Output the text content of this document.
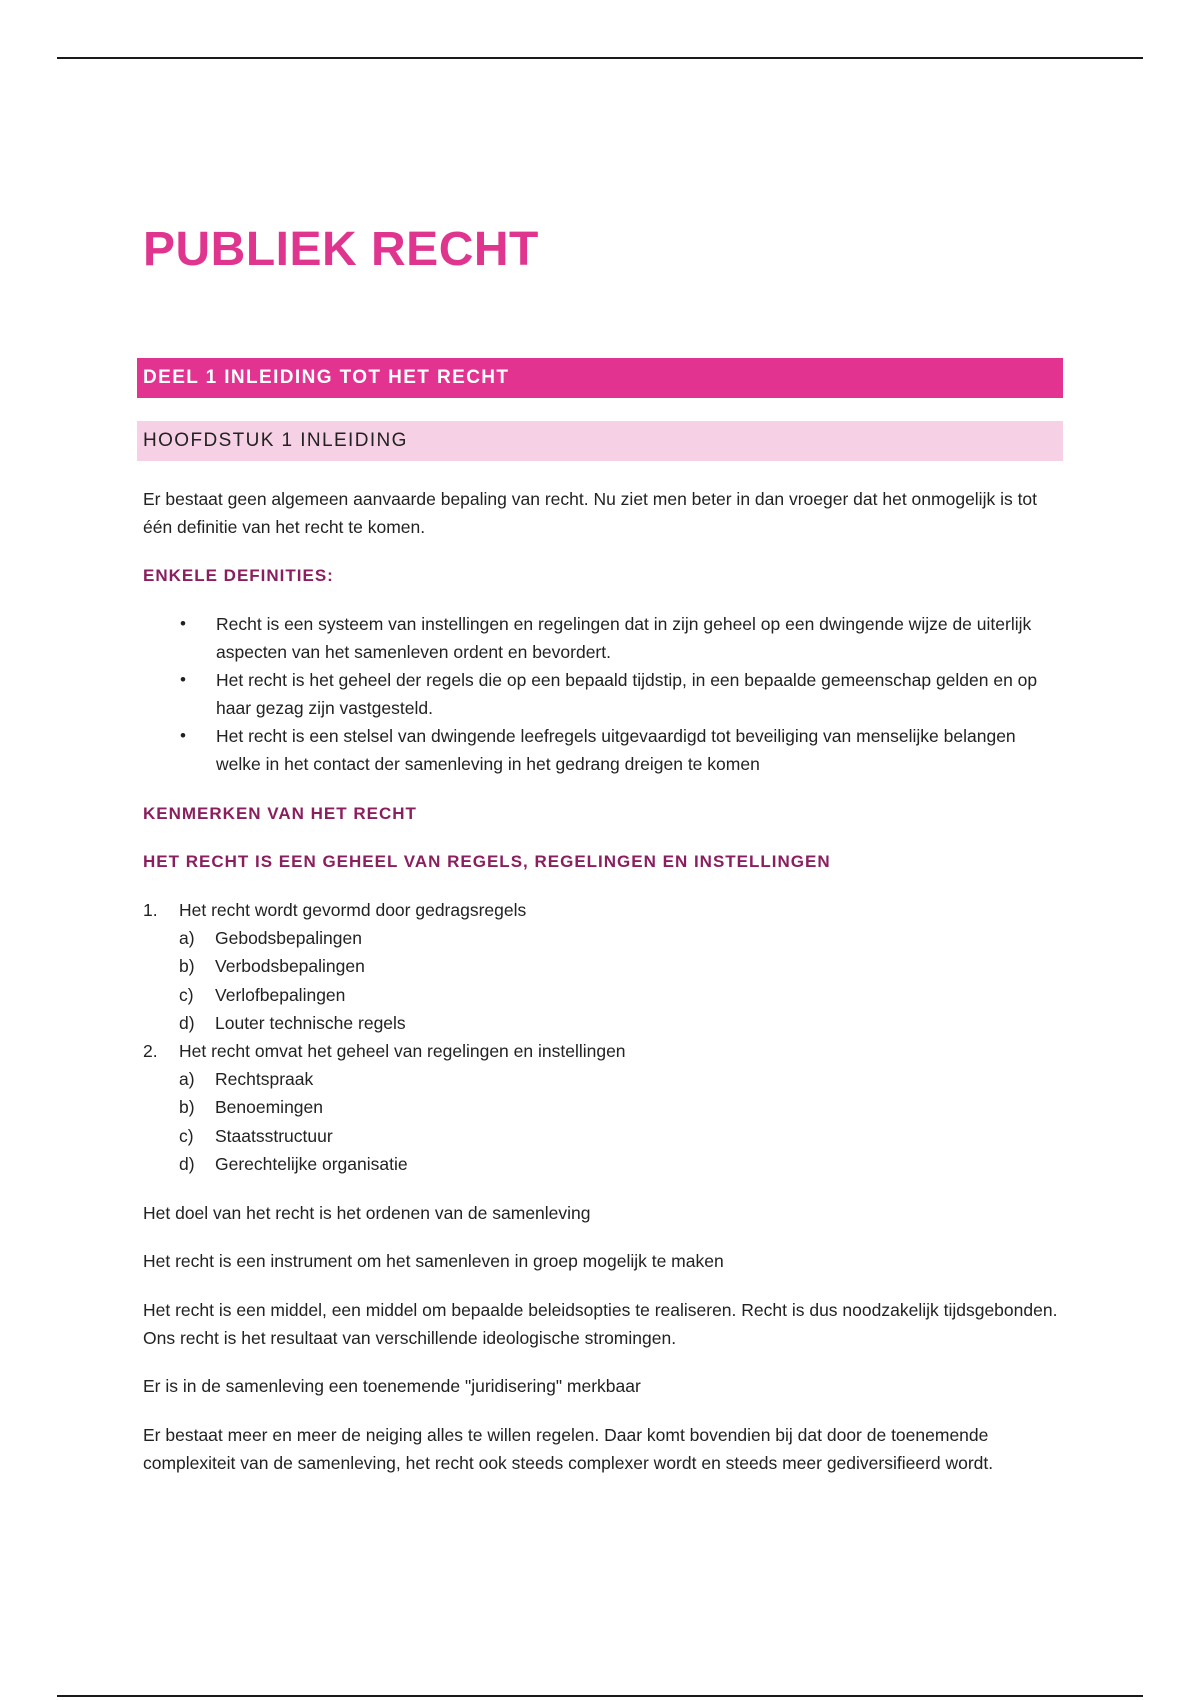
PUBLIEK RECHT
DEEL 1 INLEIDING TOT HET RECHT
HOOFDSTUK 1 INLEIDING

Er bestaat geen algemeen aanvaarde bepaling van recht. Nu ziet men beter in dan vroeger dat het onmogelijk is tot één definitie van het recht te komen.

ENKELE DEFINITIES:
• Recht is een systeem van instellingen en regelingen dat in zijn geheel op een dwingende wijze de uiterlijk aspecten van het samenleven ordent en bevordert.
• Het recht is het geheel der regels die op een bepaald tijdstip, in een bepaalde gemeenschap gelden en op haar gezag zijn vastgesteld.
• Het recht is een stelsel van dwingende leefregels uitgevaardigd tot beveiliging van menselijke belangen welke in het contact der samenleving in het gedrang dreigen te komen
KENMERKEN VAN HET RECHT
HET RECHT IS EEN GEHEEL VAN REGELS, REGELINGEN EN INSTELLINGEN
1. Het recht wordt gevormd door gedragsregels
a) Gebodsbepalingen
b) Verbodsbepalingen
c) Verlofbepalingen
d) Louter technische regels
2. Het recht omvat het geheel van regelingen en instellingen
a) Rechtspraak
b) Benoemingen
c) Staatsstructuur
d) Gerechtelijke organisatie

Het doel van het recht is het ordenen van de samenleving

Het recht is een instrument om het samenleven in groep mogelijk te maken

Het recht is een middel, een middel om bepaalde beleidsopties te realiseren. Recht is dus noodzakelijk tijdsgebonden. Ons recht is het resultaat van verschillende ideologische stromingen.

Er is in de samenleving een toenemende "juridisering" merkbaar

Er bestaat meer en meer de neiging alles te willen regelen. Daar komt bovendien bij dat door de toenemende complexiteit van de samenleving, het recht ook steeds complexer wordt en steeds meer gediversifieerd wordt.
